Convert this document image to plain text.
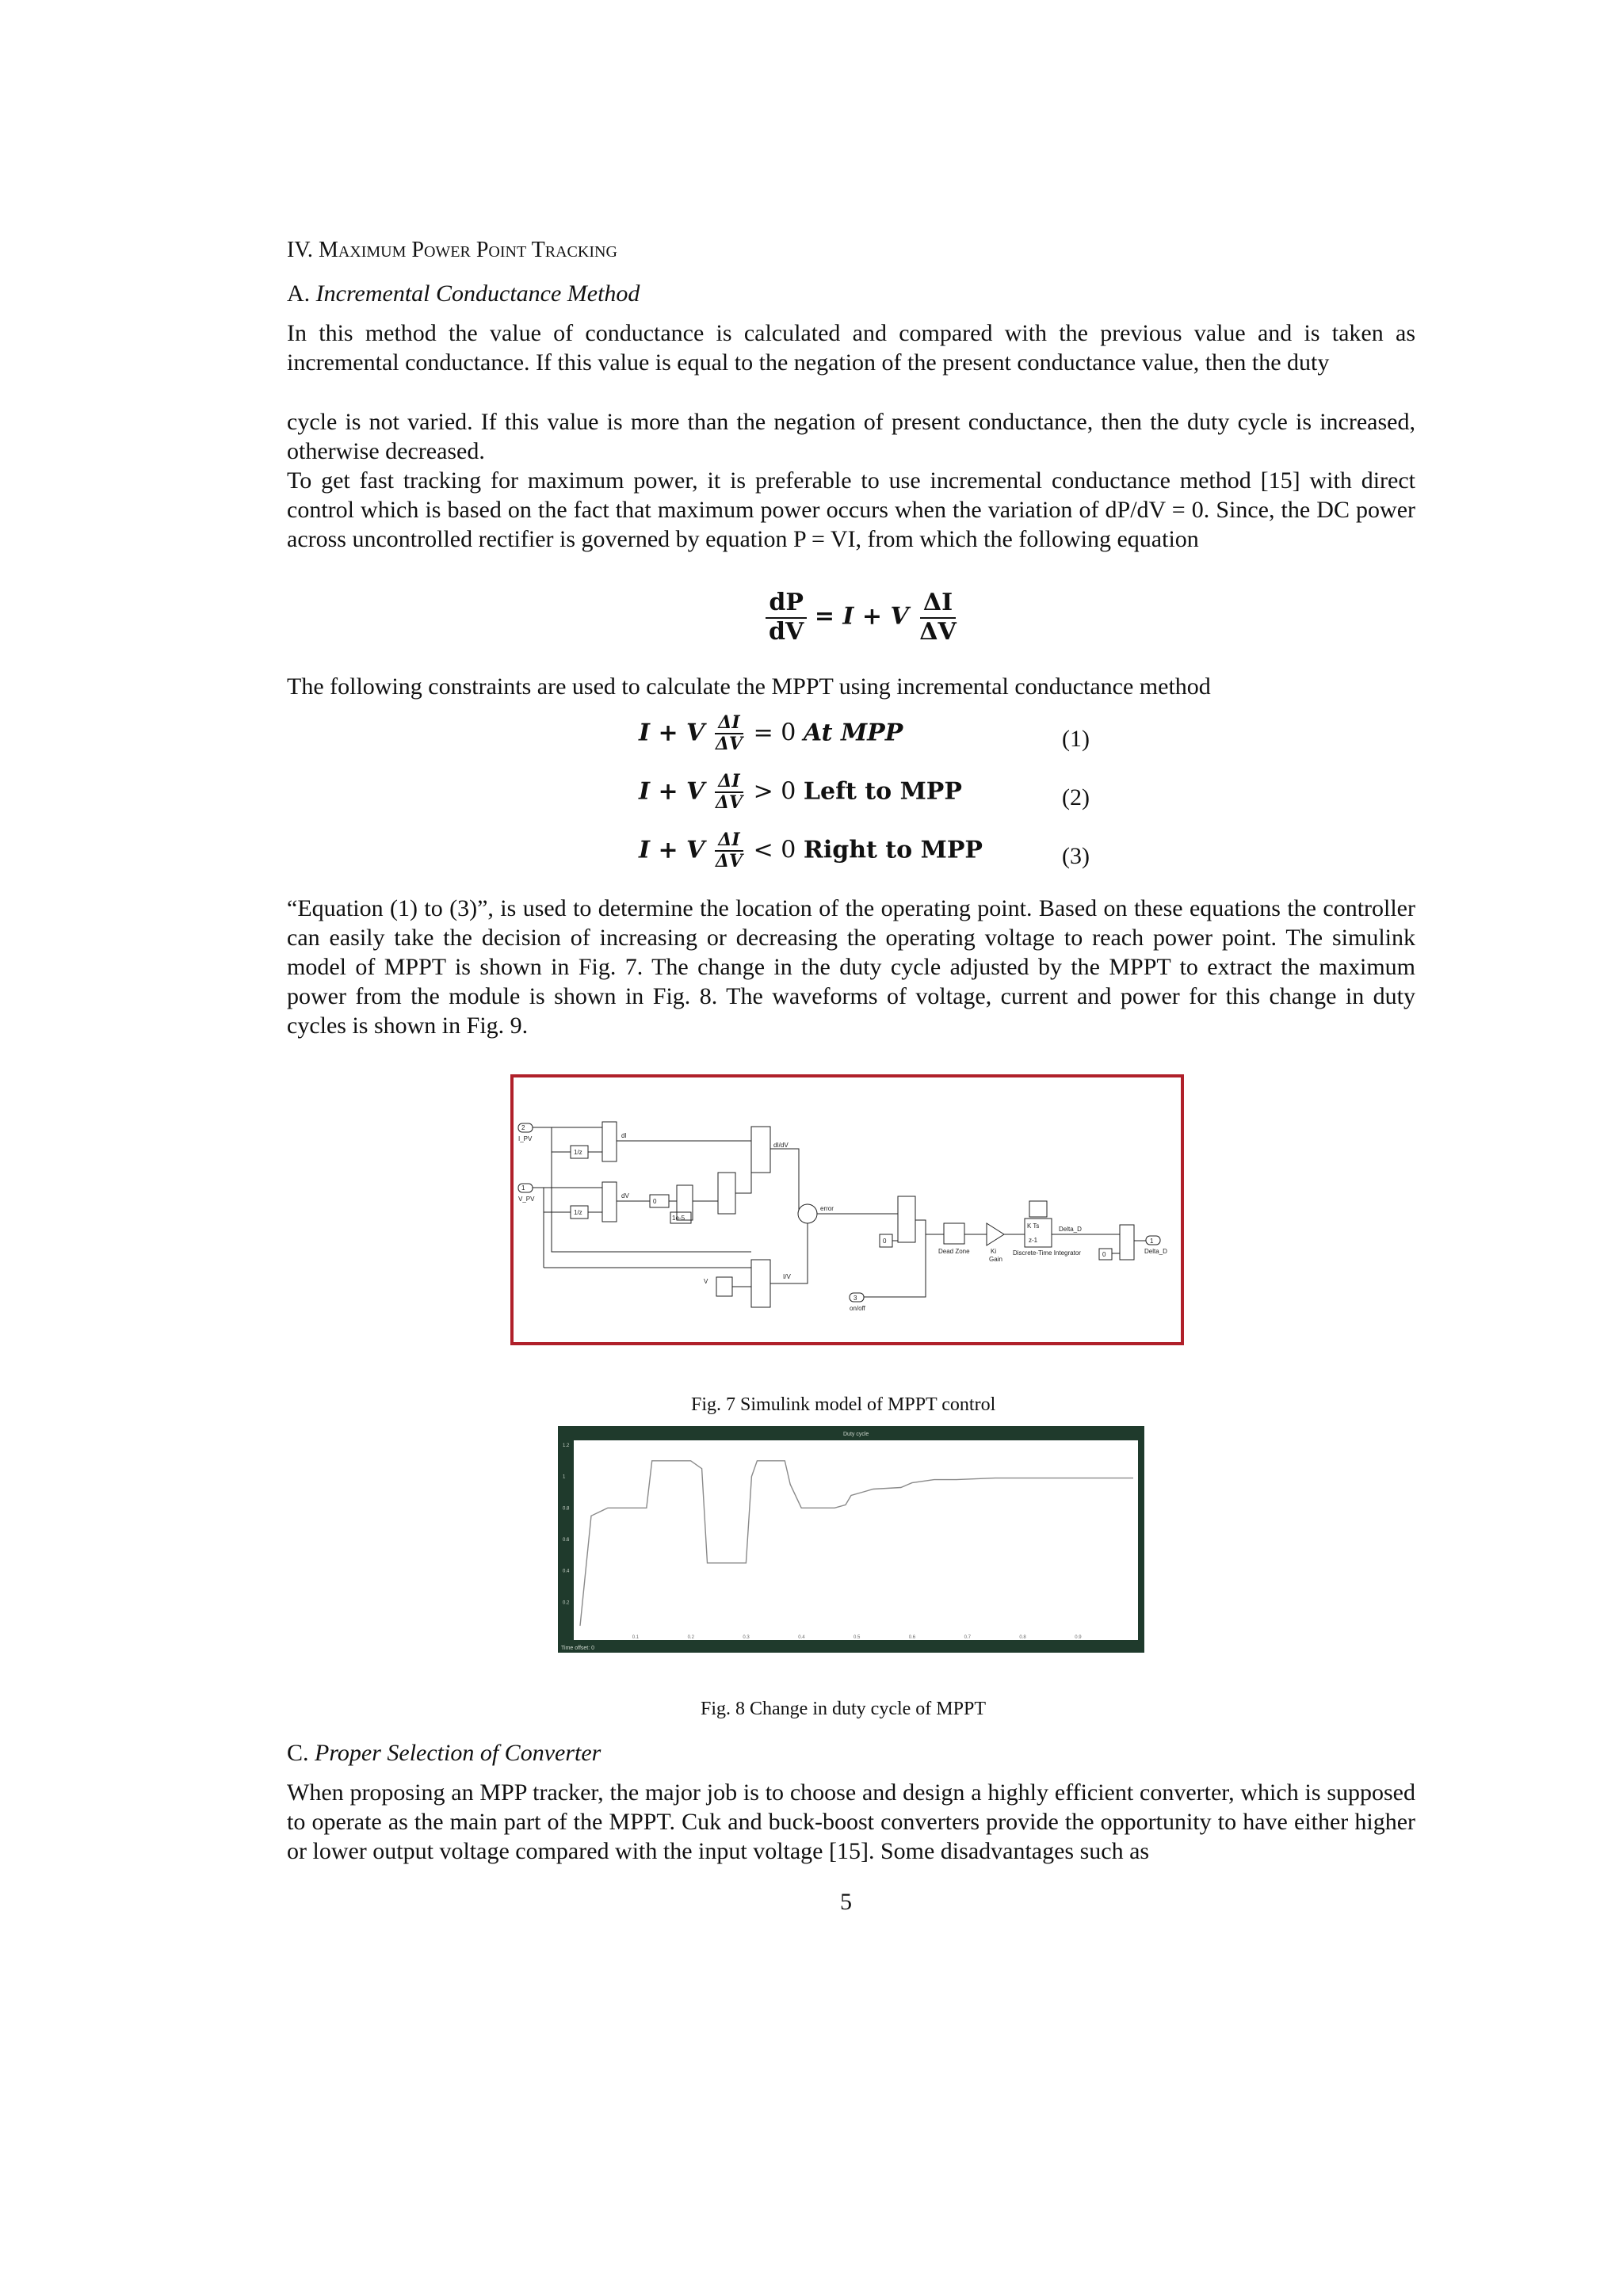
IV. Maximum Power Point Tracking
A. Incremental Conductance Method

In this method the value of conductance is calculated and compared with the previous value and is taken as incremental conductance. If this value is equal to the negation of the present conductance value, then the duty

cycle is not varied. If this value is more than the negation of present conductance, then the duty cycle is increased, otherwise decreased.

To get fast tracking for maximum power, it is preferable to use incremental conductance method [15] with direct control which is based on the fact that maximum power occurs when the variation of dP/dV = 0. Since, the DC power across uncontrolled rectifier is governed by equation P = VI, from which the following equation

$\frac{dP}{dV} = I + V \frac{\Delta I}{\Delta V}$

The following constraints are used to calculate the MPPT using incremental conductance method

I + V $\frac{\Delta I}{\Delta V} = 0$ At MPP	(1)
I + V $\frac{\Delta I}{\Delta V} > 0$ Left to MPP	(2)
I + V $\frac{\Delta I}{\Delta V} < 0$ Right to MPP	(3)

“Equation (1) to (3)”, is used to determine the location of the operating point. Based on these equations the controller can easily take the decision of increasing or decreasing the operating voltage to reach power point. The simulink model of MPPT is shown in Fig. 7. The change in the duty cycle adjusted by the MPPT to extract the maximum power from the module is shown in Fig. 8. The waveforms of voltage, current and power for this change in duty cycles is shown in Fig. 9.

2
I_PV
1
V_PV
1/z
1/z
dI
dV
0
1e-5
dI/dV
error
I/V
V
0
Dead Zone	Ki
Gain
K Ts
z-1
Discrete-Time Integrator
Delta_D
0
1
Delta_D
3
on/off
Fig. 7 Simulink model of MPPT control
Duty cycle
Time offset: 0
0.1	0.2	0.3	0.4	0.5	0.6	0.7	0.8	0.9
0.2
0.4
0.6
0.8
1
1.2
Fig. 8 Change in duty cycle of MPPT
C. Proper Selection of Converter

When proposing an MPP tracker, the major job is to choose and design a highly efficient converter, which is supposed to operate as the main part of the MPPT. Cuk and buck-boost converters provide the opportunity to have either higher or lower output voltage compared with the input voltage [15]. Some disadvantages such as

5
